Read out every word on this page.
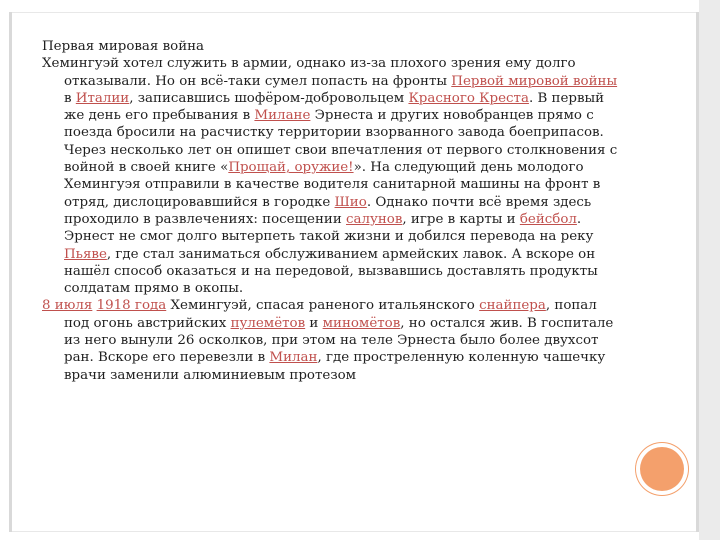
Первая мировая война
Хемингуэй хотел служить в армии, однако из-за плохого зрения ему долго отказывали. Но он всё-таки сумел попасть на фронты Первой мировой войны в Италии, записавшись шофёром-добровольцем Красного Креста. В первый же день его пребывания в Милане Эрнеста и других новобранцев прямо с поезда бросили на расчистку территории взорванного завода боеприпасов. Через несколько лет он опишет свои впечатления от первого столкновения с войной в своей книге «Прощай, оружие!». На следующий день молодого Хемингуэя отправили в качестве водителя санитарной машины на фронт в отряд, дислоцировавшийся в городке Шио. Однако почти всё время здесь проходило в развлечениях: посещении салунов, игре в карты и бейсбол. Эрнест не смог долго вытерпеть такой жизни и добился перевода на реку Пьяве, где стал заниматься обслуживанием армейских лавок. А вскоре он нашёл способ оказаться и на передовой, вызвавшись доставлять продукты солдатам прямо в окопы.
8 июля 1918 года Хемингуэй, спасая раненого итальянского снайпера, попал под огонь австрийских пулемётов и миномётов, но остался жив. В госпитале из него вынули 26 осколков, при этом на теле Эрнеста было более двухсот ран. Вскоре его перевезли в Милан, где простреленную коленную чашечку врачи заменили алюминиевым протезом
